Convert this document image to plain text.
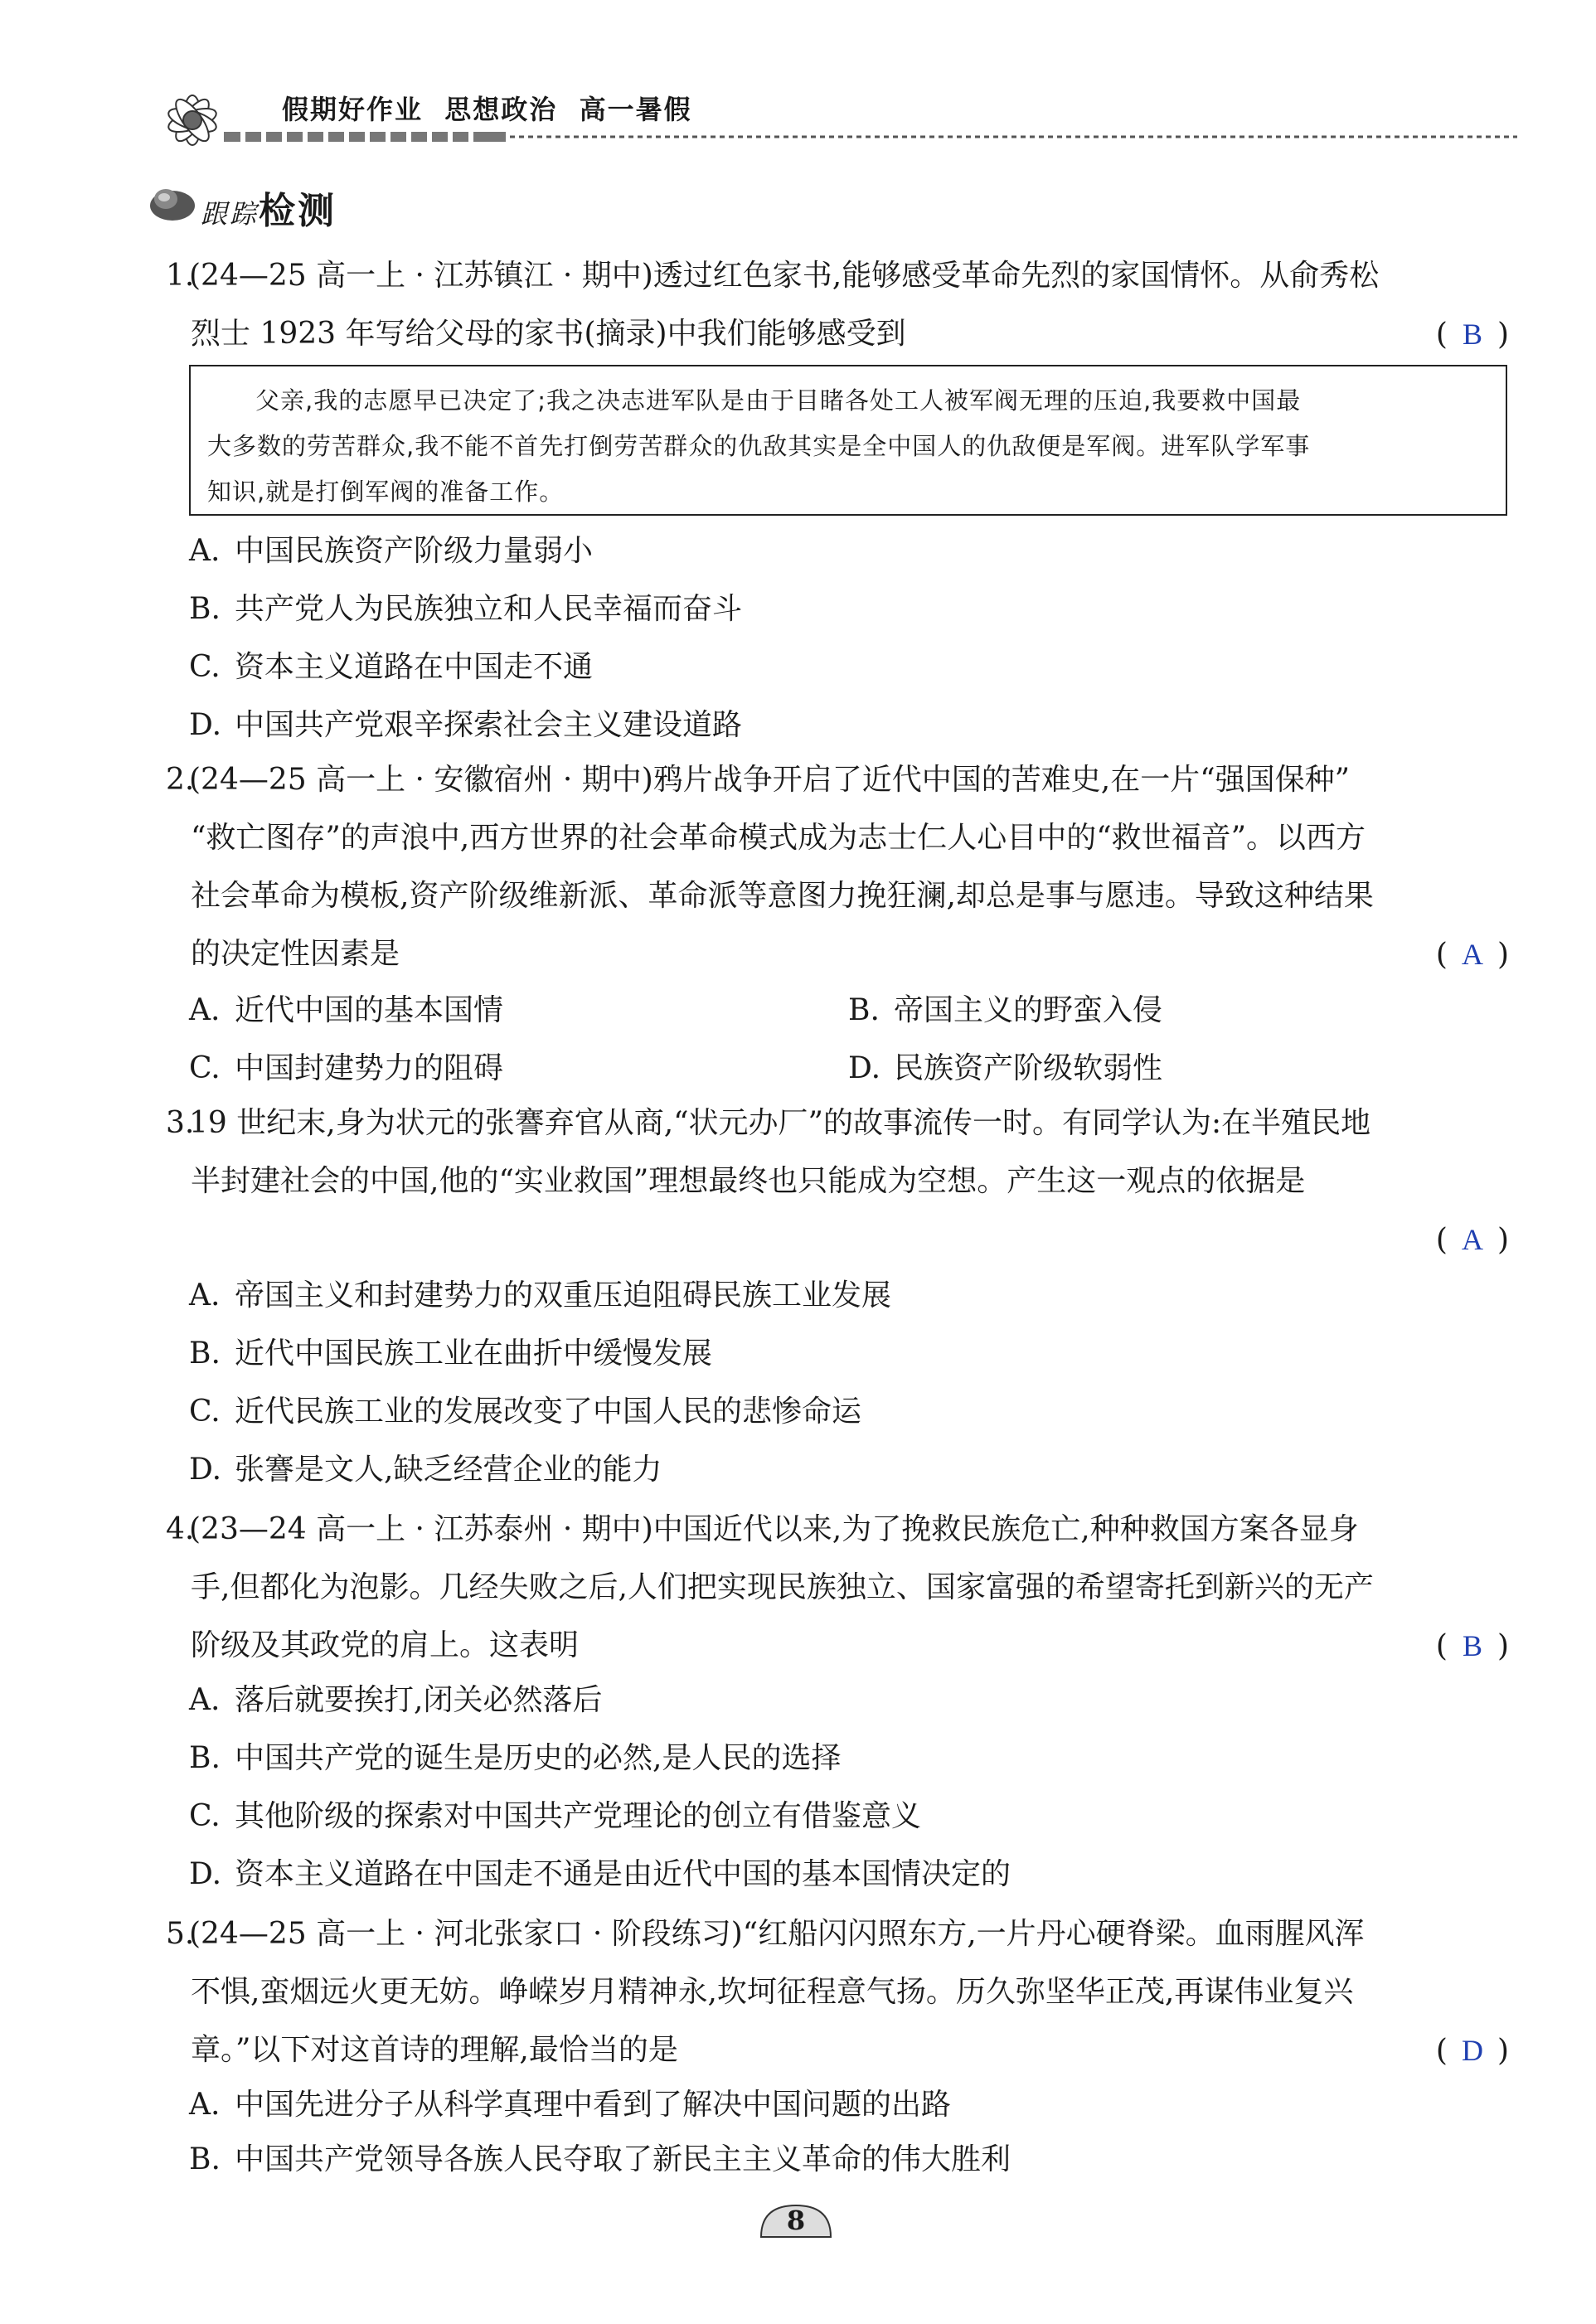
假期好作业  思想政治  高一暑假
跟踪检测
1.(24—25 高一上 · 江苏镇江 · 期中)透过红色家书,能够感受革命先烈的家国情怀。从俞秀松
烈士 1923 年写给父母的家书(摘录)中我们能够感受到	( B )
父亲,我的志愿早已决定了;我之决志进军队是由于目睹各处工人被军阀无理的压迫,我要救中国最
大多数的劳苦群众,我不能不首先打倒劳苦群众的仇敌其实是全中国人的仇敌便是军阀。进军队学军事
知识,就是打倒军阀的准备工作。
A. 中国民族资产阶级力量弱小
B. 共产党人为民族独立和人民幸福而奋斗
C. 资本主义道路在中国走不通
D. 中国共产党艰辛探索社会主义建设道路
2.(24—25 高一上 · 安徽宿州 · 期中)鸦片战争开启了近代中国的苦难史,在一片“强国保种”
“救亡图存”的声浪中,西方世界的社会革命模式成为志士仁人心目中的“救世福音”。以西方
社会革命为模板,资产阶级维新派、革命派等意图力挽狂澜,却总是事与愿违。导致这种结果
的决定性因素是	( A )
A. 近代中国的基本国情	B. 帝国主义的野蛮入侵
C. 中国封建势力的阻碍	D. 民族资产阶级软弱性
3.19 世纪末,身为状元的张謇弃官从商,“状元办厂”的故事流传一时。有同学认为:在半殖民地
半封建社会的中国,他的“实业救国”理想最终也只能成为空想。产生这一观点的依据是
( A )
A. 帝国主义和封建势力的双重压迫阻碍民族工业发展
B. 近代中国民族工业在曲折中缓慢发展
C. 近代民族工业的发展改变了中国人民的悲惨命运
D. 张謇是文人,缺乏经营企业的能力
4.(23—24 高一上 · 江苏泰州 · 期中)中国近代以来,为了挽救民族危亡,种种救国方案各显身
手,但都化为泡影。几经失败之后,人们把实现民族独立、国家富强的希望寄托到新兴的无产
阶级及其政党的肩上。这表明	( B )
A. 落后就要挨打,闭关必然落后
B. 中国共产党的诞生是历史的必然,是人民的选择
C. 其他阶级的探索对中国共产党理论的创立有借鉴意义
D. 资本主义道路在中国走不通是由近代中国的基本国情决定的
5.(24—25 高一上 · 河北张家口 · 阶段练习)“红船闪闪照东方,一片丹心硬脊梁。血雨腥风浑
不惧,蛮烟远火更无妨。峥嵘岁月精神永,坎坷征程意气扬。历久弥坚华正茂,再谋伟业复兴
章。”以下对这首诗的理解,最恰当的是	( D )
A. 中国先进分子从科学真理中看到了解决中国问题的出路
B. 中国共产党领导各族人民夺取了新民主主义革命的伟大胜利
8
